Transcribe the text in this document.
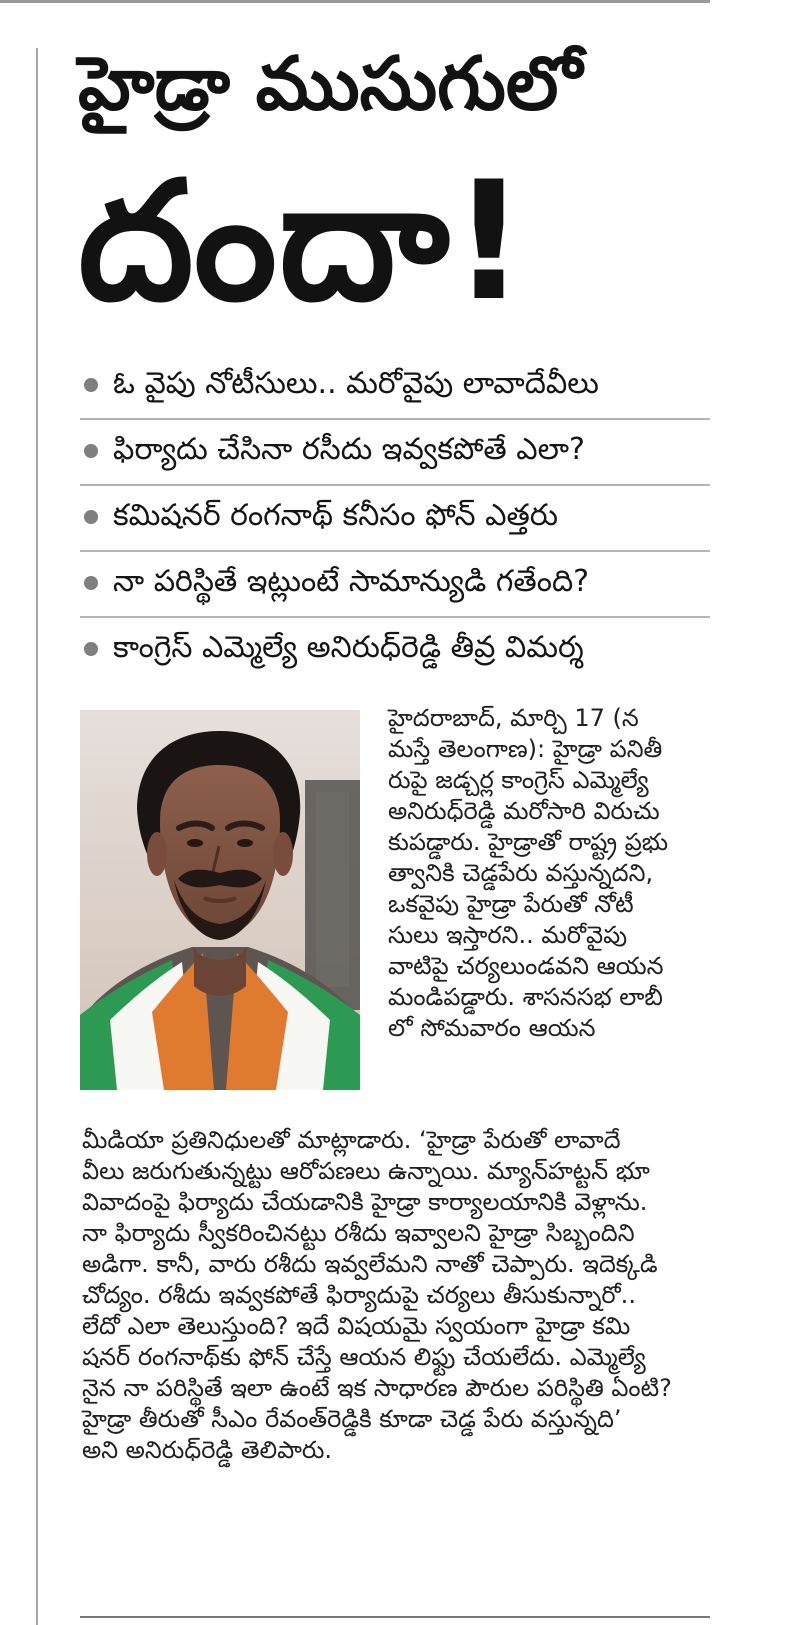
హైడ్రా ముసుగులో
దందా!
ఓ వైపు నోటీసులు.. మరోవైపు లావాదేవీలు
ఫిర్యాదు చేసినా రసీదు ఇవ్వకపోతే ఎలా?
కమిషనర్ రంగనాథ్ కనీసం ఫోన్ ఎత్తరు
నా పరిస్థితే ఇట్లుంటే సామాన్యుడి గతేంది?
కాంగ్రెస్ ఎమ్మెల్యే అనిరుధ్‌రెడ్డి తీవ్ర విమర్శ
హైదరాబాద్, మార్చి 17 (న
మస్తే తెలంగాణ): హైడ్రా పనితీ
రుపై జడ్చర్ల కాంగ్రెస్ ఎమ్మెల్యే
అనిరుధ్‌రెడ్డి మరోసారి విరుచు
కుపడ్డారు. హైడ్రాతో రాష్ట్ర ప్రభు
త్వానికి చెడ్డపేరు వస్తున్నదని,
ఒకవైపు హైడ్రా పేరుతో నోటీ
సులు ఇస్తారని.. మరోవైపు
వాటిపై చర్యలుండవని ఆయన
మండిపడ్డారు. శాసనసభ లాబీ
లో సోమవారం ఆయన
మీడియా ప్రతినిధులతో మాట్లాడారు. ‘హైడ్రా పేరుతో లావాదే
వీలు జరుగుతున్నట్టు ఆరోపణలు ఉన్నాయి. మ్యాన్‌హట్టన్ భూ
వివాదంపై ఫిర్యాదు చేయడానికి హైడ్రా కార్యాలయానికి వెళ్లాను.
నా ఫిర్యాదు స్వీకరించినట్టు రశీదు ఇవ్వాలని హైడ్రా సిబ్బందిని
అడిగా. కానీ, వారు రశీదు ఇవ్వలేమని నాతో చెప్పారు. ఇదెక్కడి
చోద్యం. రశీదు ఇవ్వకపోతే ఫిర్యాదుపై చర్యలు తీసుకున్నారో..
లేదో ఎలా తెలుస్తుంది? ఇదే విషయమై స్వయంగా హైడ్రా కమి
షనర్ రంగనాథ్‌కు ఫోన్ చేస్తే ఆయన లిఫ్టు చేయలేదు. ఎమ్మెల్యే
నైన నా పరిస్థితే ఇలా ఉంటే ఇక సాధారణ పౌరుల పరిస్థితి ఏంటి?
హైడ్రా తీరుతో సీఎం రేవంత్‌రెడ్డికి కూడా చెడ్డ పేరు వస్తున్నది’
అని అనిరుధ్‌రెడ్డి తెలిపారు.
